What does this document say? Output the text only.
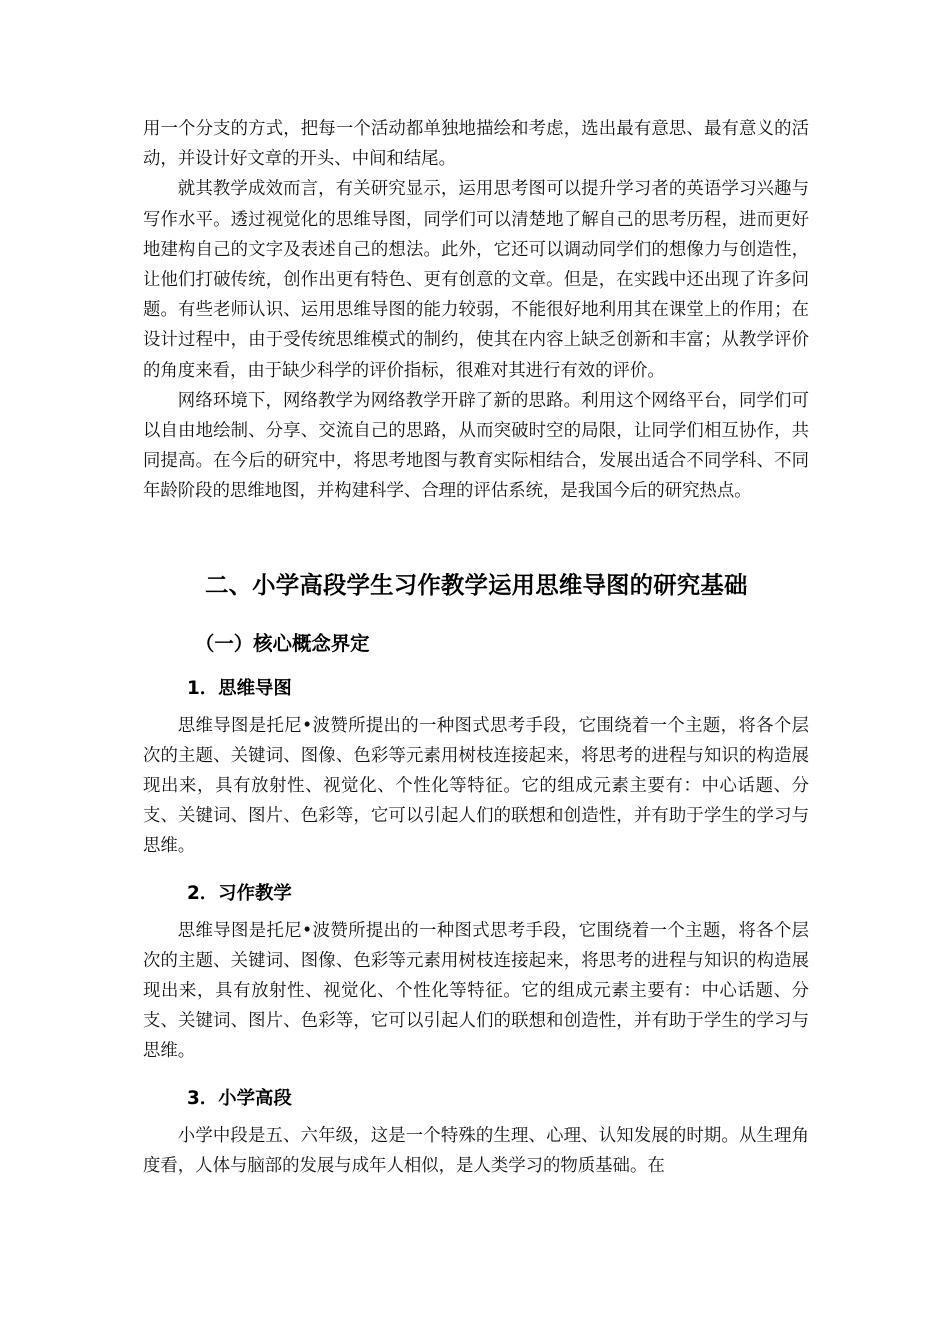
用一个分支的方式，把每一个活动都单独地描绘和考虑，选出最有意思、最有意义的活动，并设计好文章的开头、中间和结尾。

就其教学成效而言，有关研究显示，运用思考图可以提升学习者的英语学习兴趣与写作水平。透过视觉化的思维导图，同学们可以清楚地了解自己的思考历程，进而更好地建构自己的文字及表述自己的想法。此外，它还可以调动同学们的想像力与创造性，让他们打破传统，创作出更有特色、更有创意的文章。但是，在实践中还出现了许多问题。有些老师认识、运用思维导图的能力较弱，不能很好地利用其在课堂上的作用；在设计过程中，由于受传统思维模式的制约，使其在内容上缺乏创新和丰富；从教学评价的角度来看，由于缺少科学的评价指标，很难对其进行有效的评价。

网络环境下，网络教学为网络教学开辟了新的思路。利用这个网络平台，同学们可以自由地绘制、分享、交流自己的思路，从而突破时空的局限，让同学们相互协作，共同提高。在今后的研究中，将思考地图与教育实际相结合，发展出适合不同学科、不同年龄阶段的思维地图，并构建科学、合理的评估系统，是我国今后的研究热点。

二、小学高段学生习作教学运用思维导图的研究基础
（一）核心概念界定
1．思维导图

思维导图是托尼•波赞所提出的一种图式思考手段，它围绕着一个主题，将各个层次的主题、关键词、图像、色彩等元素用树枝连接起来，将思考的进程与知识的构造展现出来，具有放射性、视觉化、个性化等特征。它的组成元素主要有：中心话题、分支、关键词、图片、色彩等，它可以引起人们的联想和创造性，并有助于学生的学习与思维。

2．习作教学

思维导图是托尼•波赞所提出的一种图式思考手段，它围绕着一个主题，将各个层次的主题、关键词、图像、色彩等元素用树枝连接起来，将思考的进程与知识的构造展现出来，具有放射性、视觉化、个性化等特征。它的组成元素主要有：中心话题、分支、关键词、图片、色彩等，它可以引起人们的联想和创造性，并有助于学生的学习与思维。

3．小学高段

小学中段是五、六年级，这是一个特殊的生理、心理、认知发展的时期。从生理角度看，人体与脑部的发展与成年人相似，是人类学习的物质基础。在
